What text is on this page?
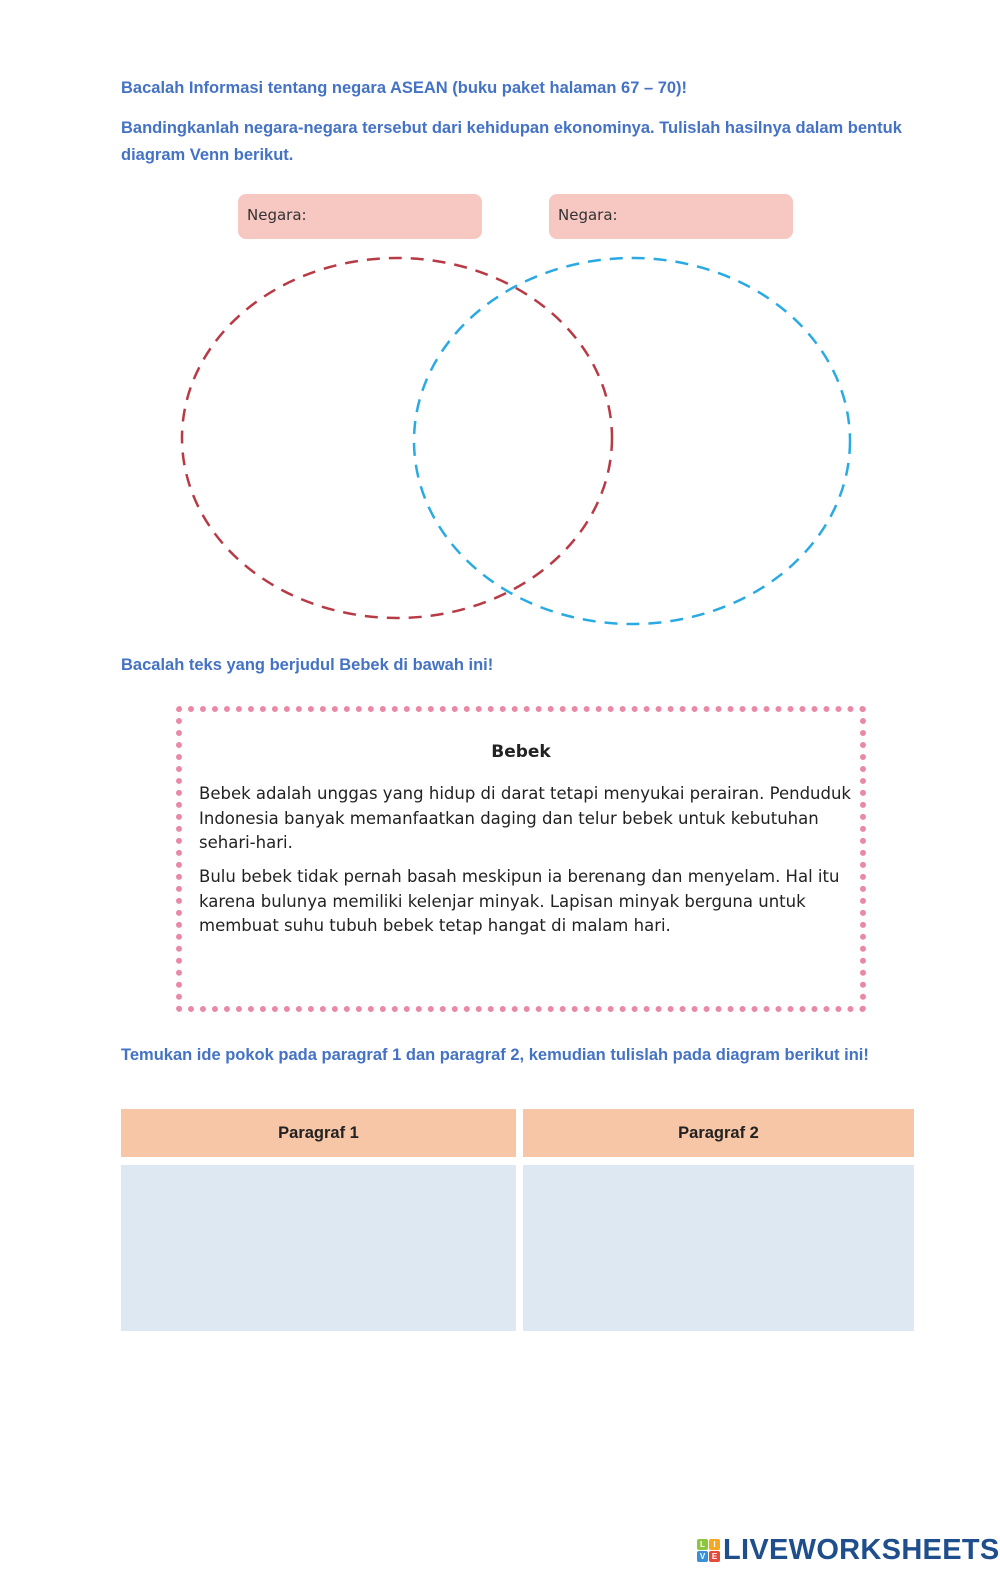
Bacalah Informasi tentang negara ASEAN (buku paket halaman 67 – 70)!
Bandingkanlah negara-negara tersebut dari kehidupan ekonominya. Tulislah hasilnya dalam bentuk diagram Venn berikut.
Negara:	Negara:
Bacalah teks yang berjudul Bebek di bawah ini!
Bebek
Bebek adalah unggas yang hidup di darat tetapi menyukai perairan. Penduduk Indonesia banyak memanfaatkan daging dan telur bebek untuk kebutuhan sehari-hari.
Bulu bebek tidak pernah basah meskipun ia berenang dan menyelam. Hal itu karena bulunya memiliki kelenjar minyak. Lapisan minyak berguna untuk membuat suhu tubuh bebek tetap hangat di malam hari.
Temukan ide pokok pada paragraf 1 dan paragraf 2, kemudian tulislah pada diagram berikut ini!
Paragraf 1	Paragraf 2
L	I
V E LIVEWORKSHEETS
